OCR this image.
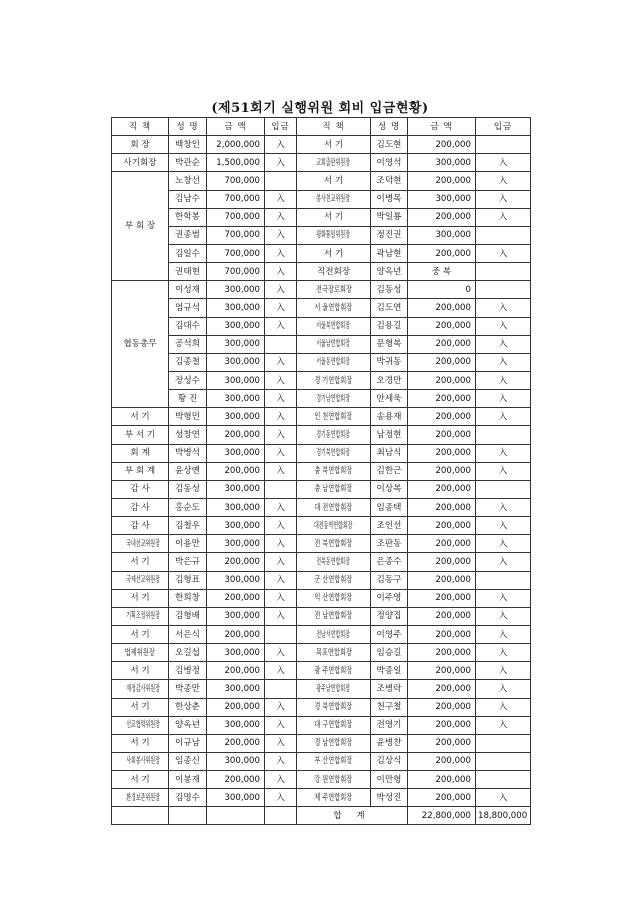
(제51회기 실행위원 회비 입금현황)
직 책	성 명	금 액	입금	직 책	성 명	금 액	입금
회 장	백창인	2,000,000	入	서 기	김도현	200,000	
사기회장	박관순	1,500,000	入	교회출판위원장	이영석	300,000	入
부 회 장	노창선	700,000		서 기	조덕현	200,000	入
	김남수	700,000	入	봉사친교위원장	이병목	300,000	入
	한학봉	700,000	入	서 기	박일룡	200,000	入
	권종범	700,000	入	평화통일위원장	정진권	300,000	
	김일수	700,000	入	서 기	곽남현	200,000	入
	권태현	700,000	入	직전회장	양옥년	중 복	
협동총무	이성재	300,000	入	전국장로회장	김동성	0	
	엄규석	300,000	入	서 울연합회장	김도연	200,000	入
	김대수	300,000	入	서울북연합회장	김용길	200,000	入
	공석희	300,000		서울남연합회장	문형복	200,000	入
	김종철	300,000	入	서울동연합회장	박귀동	200,000	入
	장성수	300,000	入	경 기연합회장	오경만	200,000	入
	황 진	300,000	入	경기남연합회장	안세욱	200,000	入
서 기	박형민	300,000	入	인 천연합회장	송용재	200,000	入
부 서 기	성창연	200,000	入	경기동연합회장	남정현	200,000	
회 계	박병석	300,000	入	경기북연합회장	최남식	200,000	入
부 회 계	윤상옌	200,000	入	충 북연합회장	김한근	200,000	入
감 사	김동성	300,000		충 남연합회장	이상복	200,000	
감 사	홍순도	300,000	入	대 전연합회장	임종택	200,000	入
감 사	김철우	300,000	入	대전동역연합회장	조인선	200,000	入
국내선교위원장	이용만	300,000	入	전 북연합회장	조판동	200,000	入
서 기	박은규	200,000	入	전북동연합회장	은종수	200,000	入
국제선교위원장	김형표	300,000	入	군 산연합회장	김동구	200,000	
서 기	한희창	200,000	入	익 산연합회장	이주영	200,000	入
기획조정위원장	김형배	300,000	入	전 남연합회장	정양집	200,000	入
서 기	서은식	200,000		전남서연합회장	이영주	200,000	入
법제위원장	오길섭	300,000	入	목포연합회장	임승길	200,000	入
서 기	김병정	200,000	入	광 주연합회장	박종일	200,000	入
재정감사위원장	박종만	300,000		광주남연합회장	조병락	200,000	入
서 기	한상춘	200,000	入	경 북연합회장	천구철	200,000	入
선교협력위원장	양옥년	300,000	入	대 구연합회장	전영기	200,000	入
서 기	이규남	200,000	入	경 남연합회장	윤병찬	200,000	
사회봉사위원장	임종신	300,000	入	부 산연합회장	김상식	200,000	
서 기	이봉재	200,000	入	강 원연합회장	이만형	200,000	
환경보존위원장	김명수	300,000	入	제 주연합회장	박성진	200,000	入
				합 계		22,800,000	18,800,000
